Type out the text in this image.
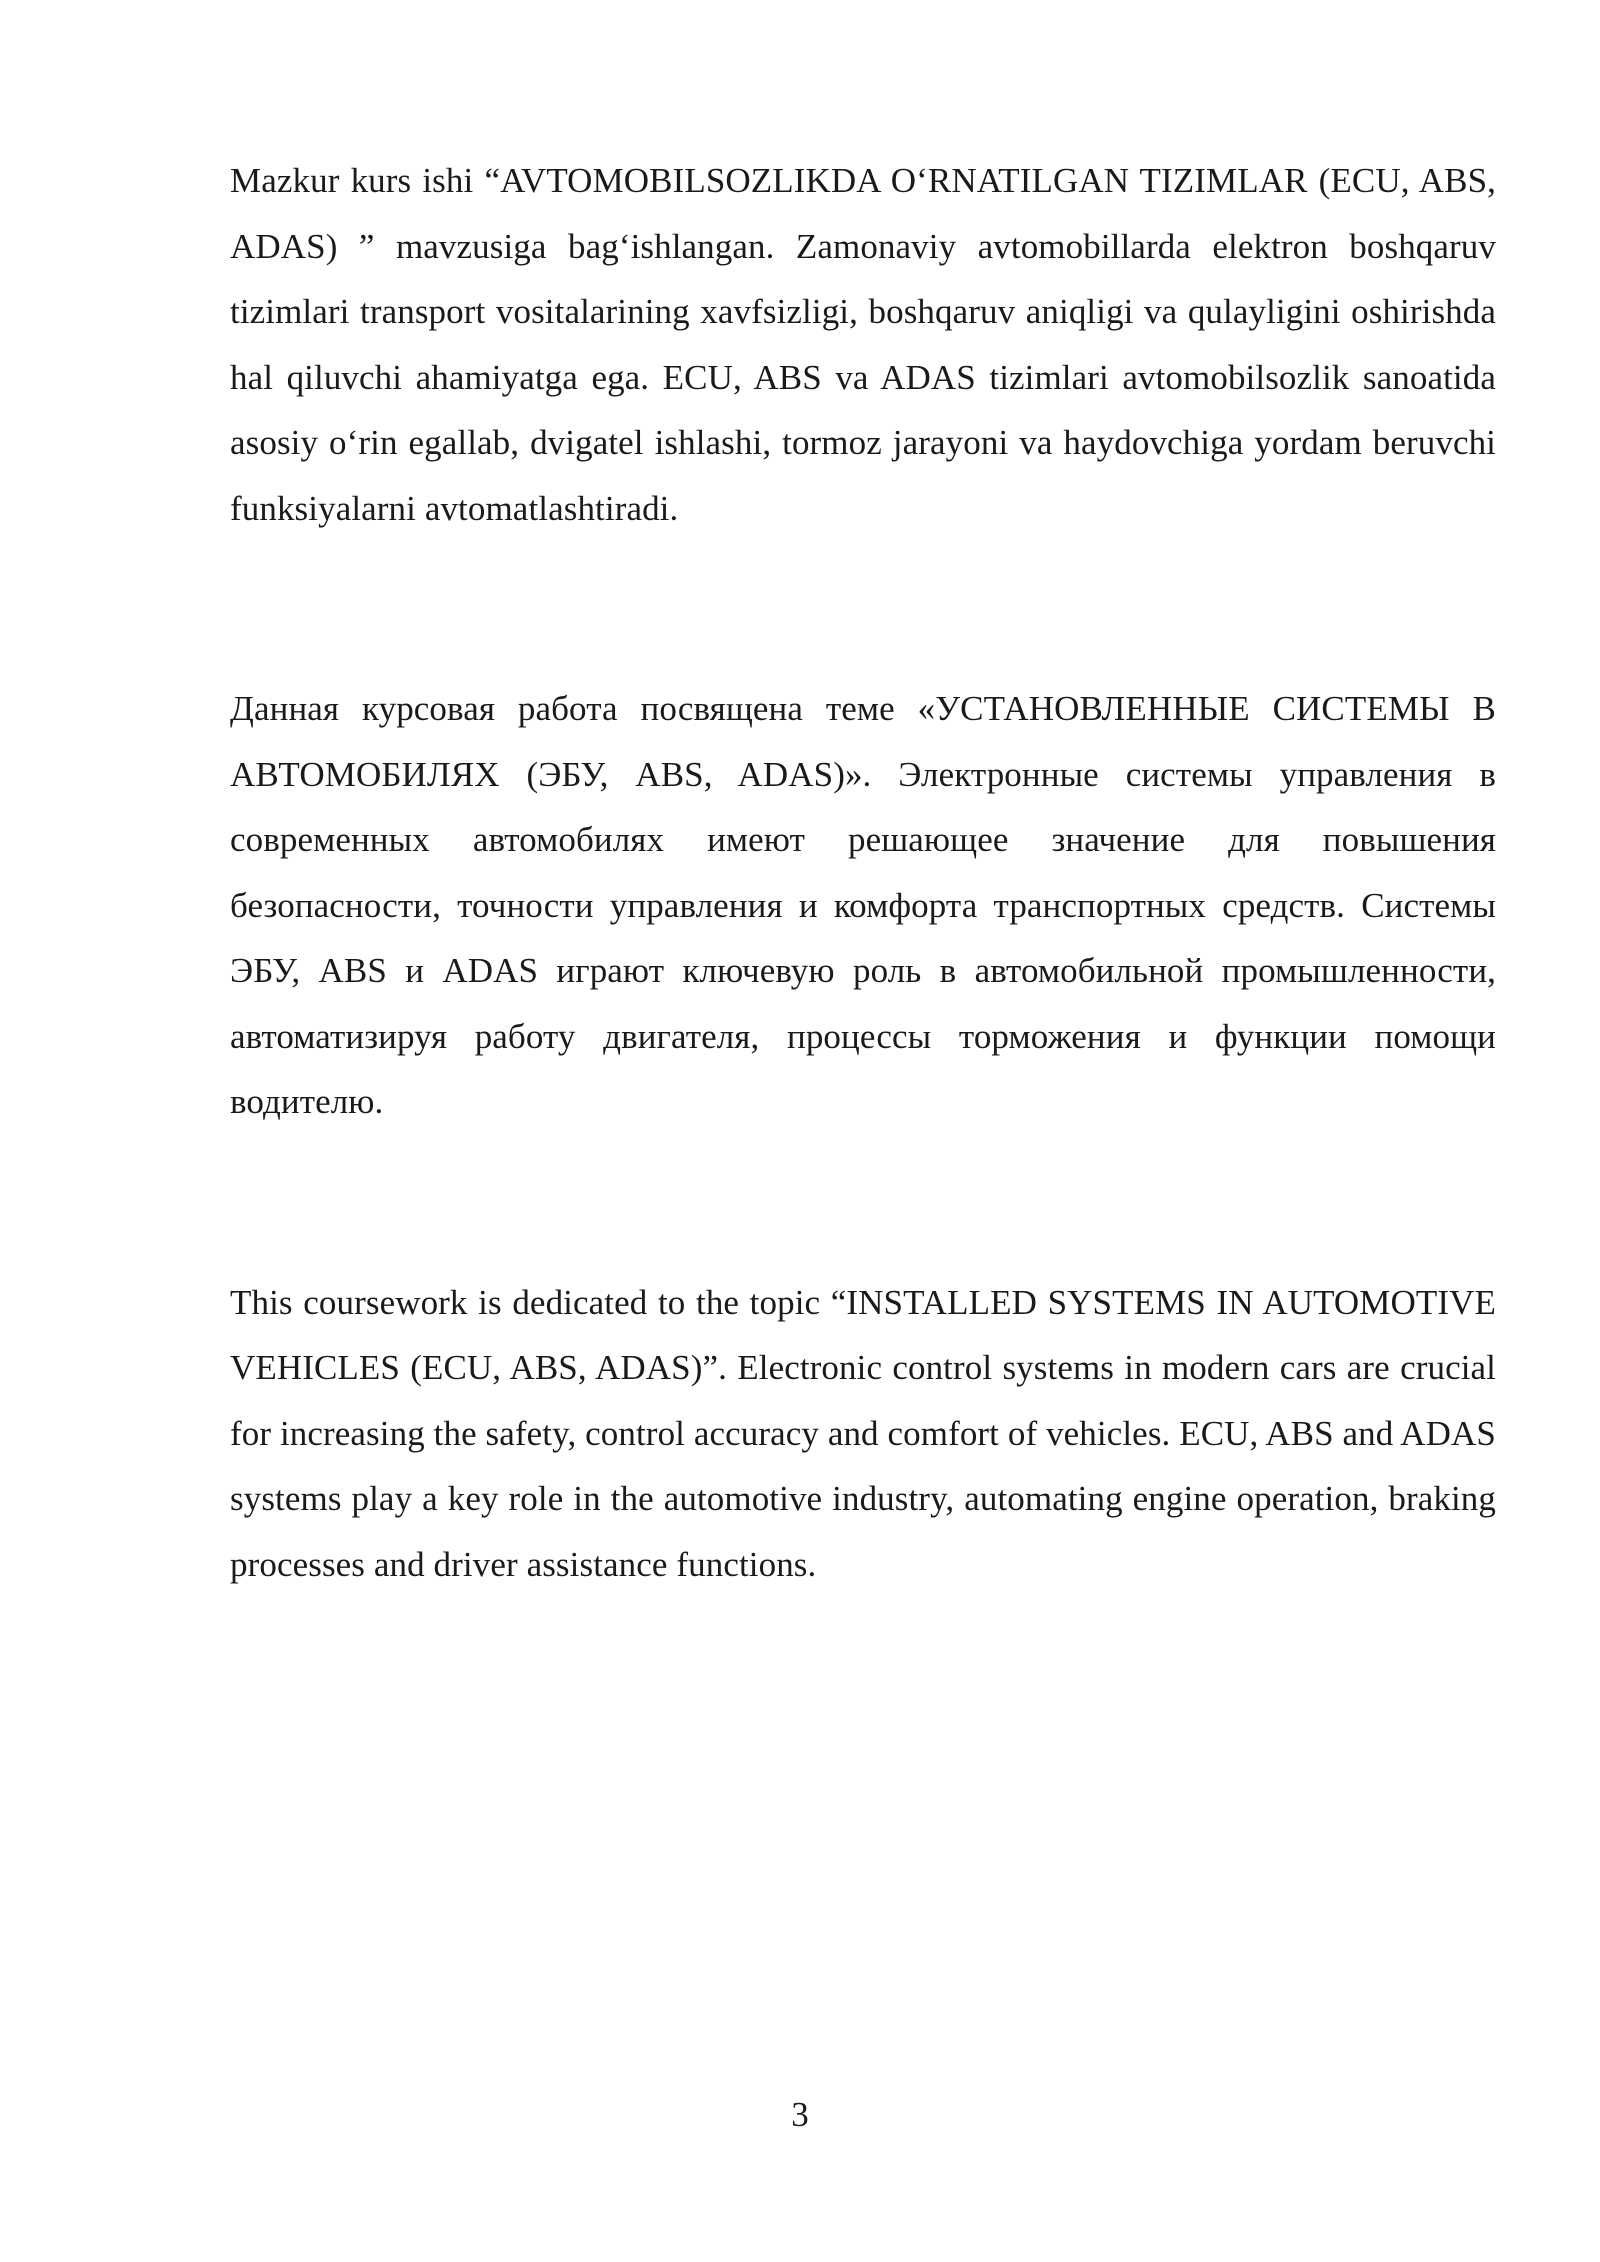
Mazkur kurs ishi “AVTOMOBILSOZLIKDA O‘RNATILGAN TIZIMLAR (ECU, ABS, ADAS) ” mavzusiga bag‘ishlangan. Zamonaviy avtomobillarda elektron boshqaruv tizimlari transport vositalarining xavfsizligi, boshqaruv aniqligi va qulayligini oshirishda hal qiluvchi ahamiyatga ega. ECU, ABS va ADAS tizimlari avtomobilsozlik sanoatida asosiy o‘rin egallab, dvigatel ishlashi, tormoz jarayoni va haydovchiga yordam beruvchi funksiyalarni avtomatlashtiradi.

Данная курсовая работа посвящена теме «УСТАНОВЛЕННЫЕ СИСТЕМЫ В АВТОМОБИЛЯХ (ЭБУ, ABS, ADAS)». Электронные системы управления в современных автомобилях имеют решающее значение для повышения безопасности, точности управления и комфорта транспортных средств. Системы ЭБУ, ABS и ADAS играют ключевую роль в автомобильной промышленности, автоматизируя работу двигателя, процессы торможения и функции помощи водителю.

This coursework is dedicated to the topic “INSTALLED SYSTEMS IN AUTOMOTIVE VEHICLES (ECU, ABS, ADAS)”. Electronic control systems in modern cars are crucial for increasing the safety, control accuracy and comfort of vehicles. ECU, ABS and ADAS systems play a key role in the automotive industry, automating engine operation, braking processes and driver assistance functions.

3
